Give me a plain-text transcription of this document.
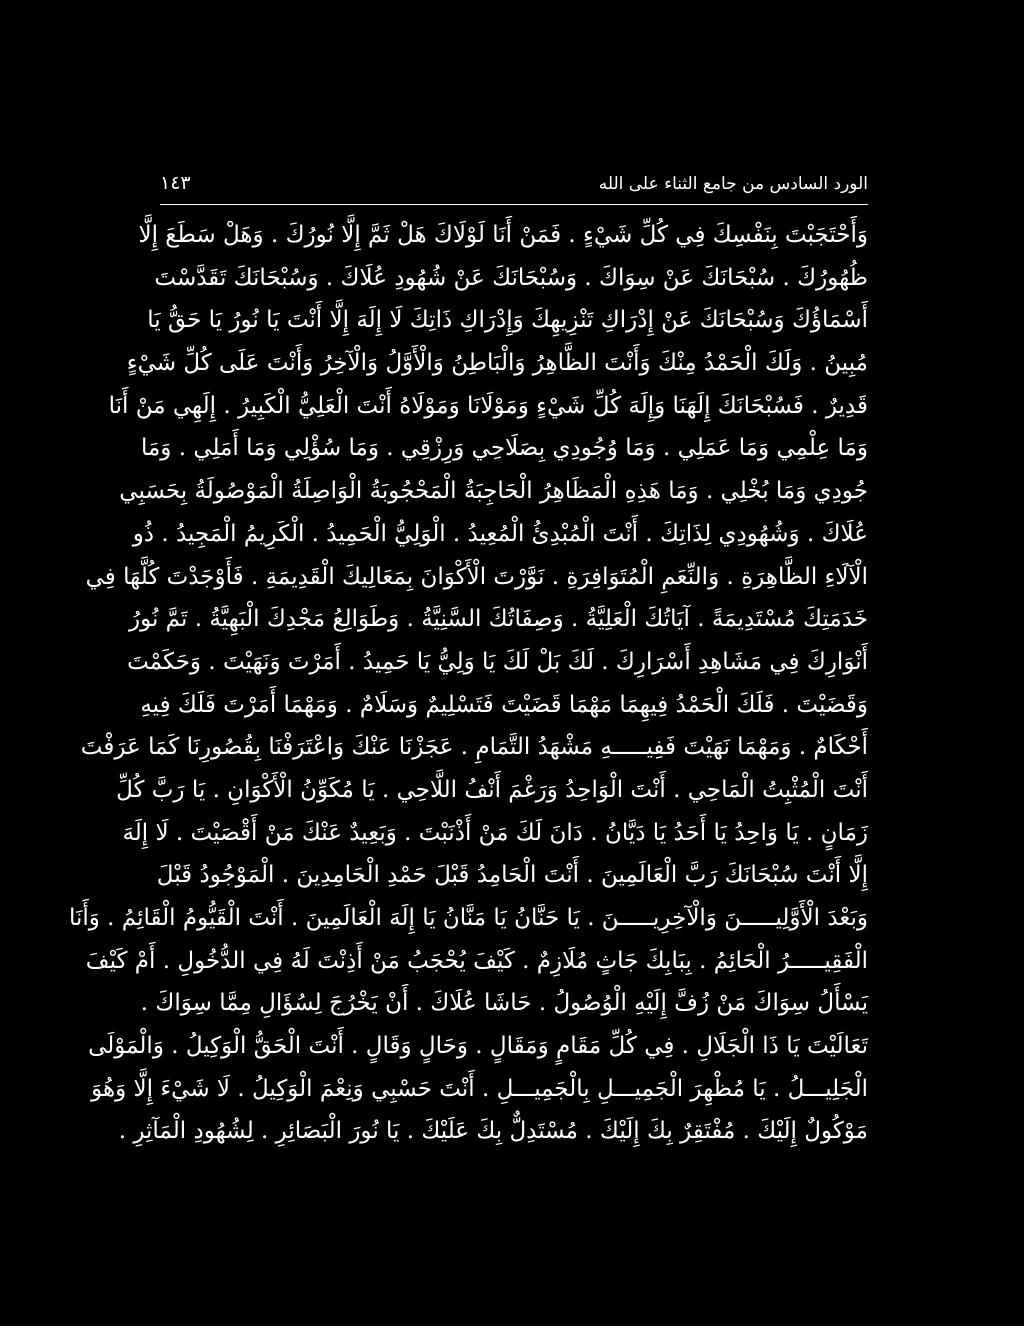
الورد السادس من جامع الثناء على الله
١٤٣
وَأَحْتَجَبْتَ بِنَفْسِكَ فِي كُلِّ شَيْءٍ . فَمَنْ أَنَا لَوْلَاكَ هَلْ ثَمَّ إِلَّا نُورُكَ . وَهَلْ سَطَعَ إِلَّا
ظُهُورُكَ . سُبْحَانَكَ عَنْ سِوَاكَ . وَسُبْحَانَكَ عَنْ شُهُودِ عُلَاكَ . وَسُبْحَانَكَ تَقَدَّسْتَ
أَسْمَاؤُكَ وَسُبْحَانَكَ عَنْ إِدْرَاكِ تَنْزِيهِكَ وَإِدْرَاكِ ذَاتِكَ لَا إِلَهَ إِلَّا أَنْتَ يَا نُورُ يَا حَقُّ يَا
مُبِينُ . وَلَكَ الْحَمْدُ مِنْكَ وَأَنْتَ الظَّاهِرُ وَالْبَاطِنُ وَالْأَوَّلُ وَالْآخِرُ وَأَنْتَ عَلَى كُلِّ شَيْءٍ
قَدِيرٌ . فَسُبْحَانَكَ إِلَهَنَا وَإِلَهَ كُلِّ شَيْءٍ وَمَوْلَانَا وَمَوْلَاهُ أَنْتَ الْعَلِيُّ الْكَبِيرُ . إِلَهِي مَنْ أَنَا
وَمَا عِلْمِي وَمَا عَمَلِي . وَمَا وُجُودِي بِصَلَاحِي وَرِزْقِي . وَمَا سُؤْلِي وَمَا أَمَلِي . وَمَا
جُودِي وَمَا بُخْلِي . وَمَا هَذِهِ الْمَظَاهِرُ الْحَاجِبَةُ الْمَحْجُوبَةُ الْوَاصِلَةُ الْمَوْصُولَةُ بِحَسَبِي
عُلَاكَ . وَشُهُودِي لِذَاتِكَ . أَنْتَ الْمُبْدِئُ الْمُعِيدُ . الْوَلِيُّ الْحَمِيدُ . الْكَرِيمُ الْمَجِيدُ . ذُو
الْآلَاءِ الظَّاهِرَةِ . وَالنِّعَمِ الْمُتَوَافِرَةِ . نَوَّرْتَ الْأَكْوَانَ بِمَعَالِيكَ الْقَدِيمَةِ . فَأَوْجَدْتَ كُلَّهَا فِي
خَدَمَتِكَ مُسْتَدِيمَةً . آيَاتُكَ الْعَلِيَّةُ . وَصِفَاتُكَ السَّنِيَّةُ . وَطَوَالِعُ مَجْدِكَ الْبَهِيَّةُ . تَمَّ نُورُ
أَنْوَارِكَ فِي مَشَاهِدِ أَسْرَارِكَ . لَكَ بَلْ لَكَ يَا وَلِيُّ يَا حَمِيدُ . أَمَرْتَ وَنَهَيْتَ . وَحَكَمْتَ
وَقَضَيْتَ . فَلَكَ الْحَمْدُ فِيهِمَا مَهْمَا قَضَيْتَ فَتَسْلِيمٌ وَسَلَامٌ . وَمَهْمَا أَمَرْتَ فَلَكَ فِيهِ
أَحْكَامٌ . وَمَهْمَا نَهَيْتَ فَفِيـــــهِ مَشْهَدُ التَّمَامِ . عَجَزْنَا عَنْكَ وَاعْتَرَفْنَا بِقُصُورِنَا كَمَا عَرَفْتَ
أَنْتَ الْمُثْبِتُ الْمَاحِي . أَنْتَ الْوَاحِدُ وَرَغْمَ أَنْفُ اللَّاحِي . يَا مُكَوِّنُ الْأَكْوَانِ . يَا رَبَّ كُلِّ
زَمَانٍ . يَا وَاحِدُ يَا أَحَدُ يَا دَيَّانُ . دَانَ لَكَ مَنْ أَذْنَبْتَ . وَبَعِيدٌ عَنْكَ مَنْ أَقْصَيْتَ . لَا إِلَهَ
إِلَّا أَنْتَ سُبْحَانَكَ رَبَّ الْعَالَمِينَ . أَنْتَ الْحَامِدُ قَبْلَ حَمْدِ الْحَامِدِينَ . الْمَوْجُودُ قَبْلَ
وَبَعْدَ الْأَوَّلِيـــــنَ وَالْآخِرِيـــــنَ . يَا حَنَّانُ يَا مَنَّانُ يَا إِلَهَ الْعَالَمِينَ . أَنْتَ الْقَيُّومُ الْقَائِمُ . وَأَنَا
الْفَقِيـــــرُ الْحَائِمُ . بِبَابِكَ جَاثٍ مُلَازِمٌ . كَيْفَ يُحْجَبُ مَنْ أَذِنْتَ لَهُ فِي الدُّخُولِ . أَمْ كَيْفَ
يَسْأَلُ سِوَاكَ مَنْ زُفَّ إِلَيْهِ الْوُصُولُ . حَاشَا عُلَاكَ . أَنْ يَخْرُجَ لِسُؤَالِ مِمَّا سِوَاكَ .
تَعَالَيْتَ يَا ذَا الْجَلَالِ . فِي كُلِّ مَقَامٍ وَمَقَالٍ . وَحَالٍ وَقَالٍ . أَنْتَ الْحَقُّ الْوَكِيلُ . وَالْمَوْلَى
الْجَلِيـــلُ . يَا مُظْهِرَ الْجَمِيـــلِ بِالْجَمِيـــلِ . أَنْتَ حَسْبِي وَنِعْمَ الْوَكِيلُ . لَا شَيْءَ إِلَّا وَهُوَ
مَوْكُولٌ إِلَيْكَ . مُفْتَقِرٌ بِكَ إِلَيْكَ . مُسْتَدِلٌّ بِكَ عَلَيْكَ . يَا نُورَ الْبَصَائِرِ . لِشُهُودِ الْمَآثِرِ .
